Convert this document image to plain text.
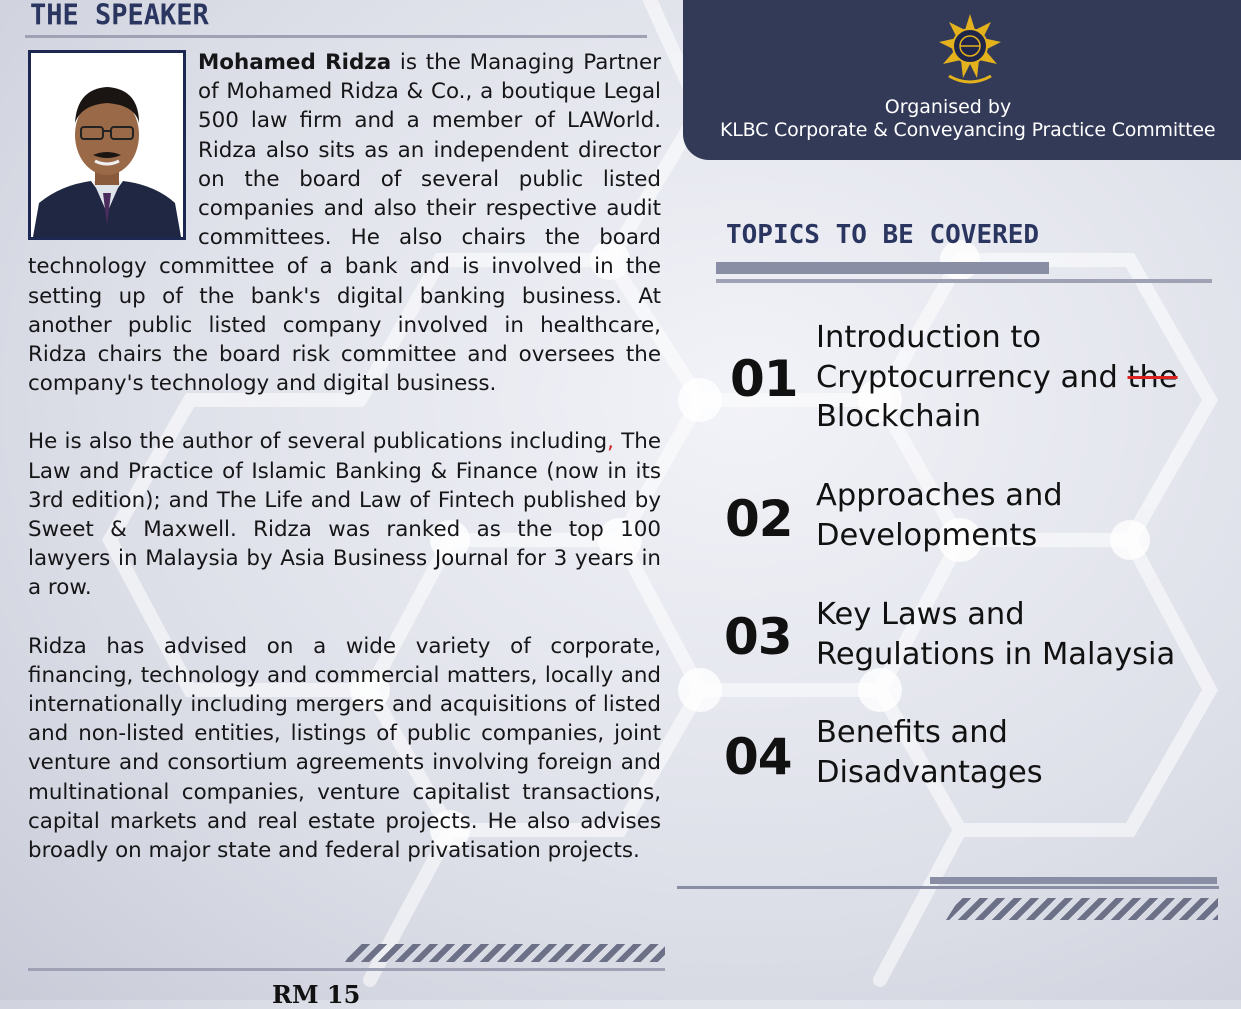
THE SPEAKER

Mohamed Ridza is the Managing Partner of Mohamed Ridza & Co., a boutique Legal 500 law firm and a member of LAWorld. Ridza also sits as an independent director on the board of several public listed companies and also their respective audit committees. He also chairs the board technology committee of a bank and is involved in the setting up of the bank's digital banking business. At another public listed company involved in healthcare, Ridza chairs the board risk committee and oversees the company's technology and digital business.

He is also the author of several publications including, The Law and Practice of Islamic Banking & Finance (now in its 3rd edition); and The Life and Law of Fintech published by Sweet & Maxwell. Ridza was ranked as the top 100 lawyers in Malaysia by Asia Business Journal for 3 years in a row.

Ridza has advised on a wide variety of corporate, financing, technology and commercial matters, locally and internationally including mergers and acquisitions of listed and non-listed entities, listings of public companies, joint venture and consortium agreements involving foreign and multinational companies, venture capitalist transactions, capital markets and real estate projects. He also advises broadly on major state and federal privatisation projects.

RM 15
Organised by
KLBC Corporate & Conveyancing Practice Committee
TOPICS TO BE COVERED
01
Introduction to
Cryptocurrency and the
Blockchain
02 Approaches and
Developments
03 Key Laws and
Regulations in Malaysia
04 Benefits and
Disadvantages
